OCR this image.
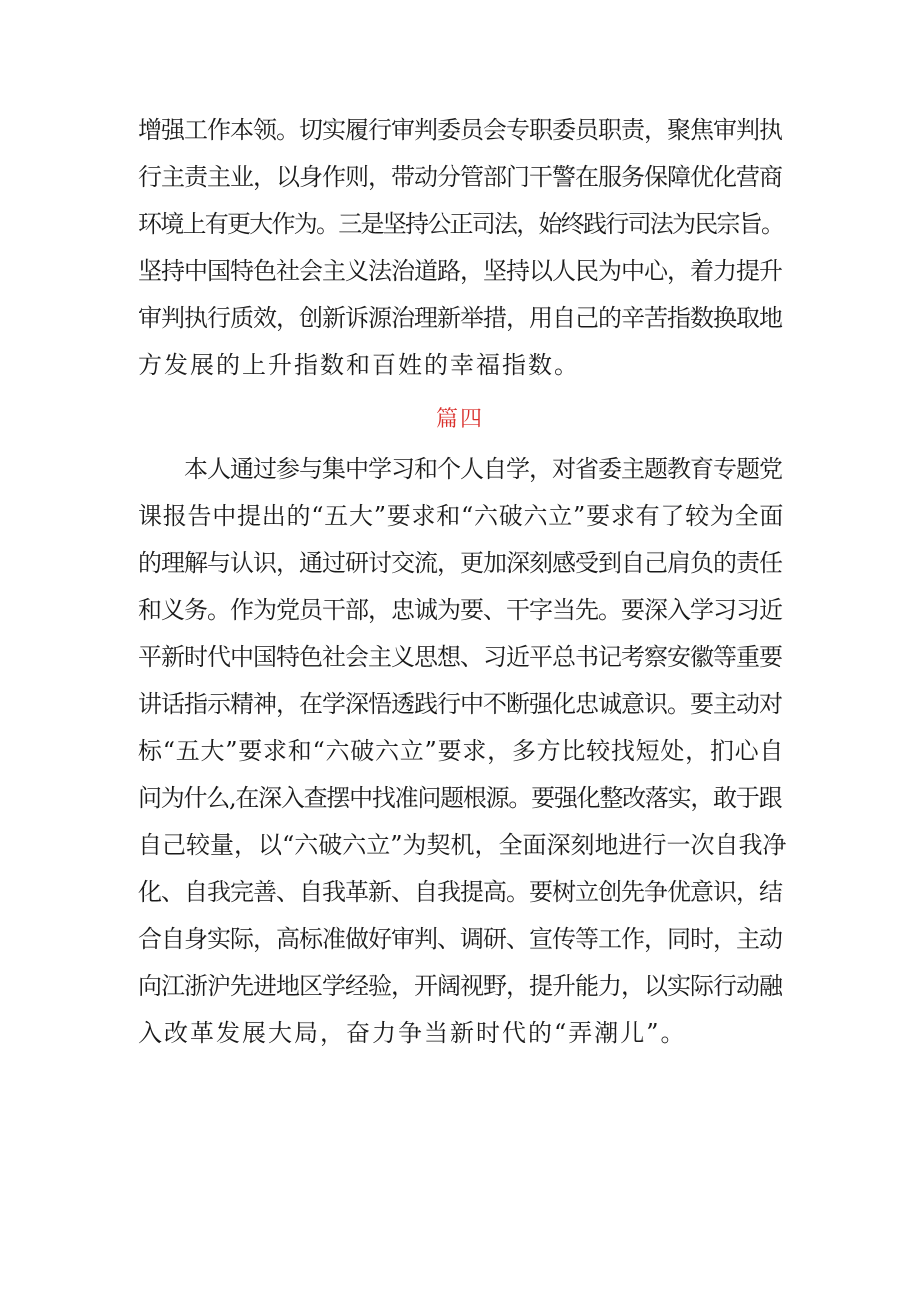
增强工作本领。切实履行审判委员会专职委员职责，聚焦审判执
行主责主业，以身作则，带动分管部门干警在服务保障优化营商
环境上有更大作为。三是坚持公正司法，始终践行司法为民宗旨。
坚持中国特色社会主义法治道路，坚持以人民为中心，着力提升
审判执行质效，创新诉源治理新举措，用自己的辛苦指数换取地
方发展的上升指数和百姓的幸福指数。
篇四
本人通过参与集中学习和个人自学，对省委主题教育专题党
课报告中提出的“五大”要求和“六破六立”要求有了较为全面
的理解与认识，通过研讨交流，更加深刻感受到自己肩负的责任
和义务。作为党员干部，忠诚为要、干字当先。要深入学习习近
平新时代中国特色社会主义思想、习近平总书记考察安徽等重要
讲话指示精神，在学深悟透践行中不断强化忠诚意识。要主动对
标“五大”要求和“六破六立”要求，多方比较找短处，扪心自
问为什么,在深入查摆中找准问题根源。要强化整改落实，敢于跟
自己较量，以“六破六立”为契机，全面深刻地进行一次自我净
化、自我完善、自我革新、自我提高。要树立创先争优意识，结
合自身实际，高标准做好审判、调研、宣传等工作，同时，主动
向江浙沪先进地区学经验，开阔视野，提升能力，以实际行动融
入改革发展大局，奋力争当新时代的“弄潮儿”。
